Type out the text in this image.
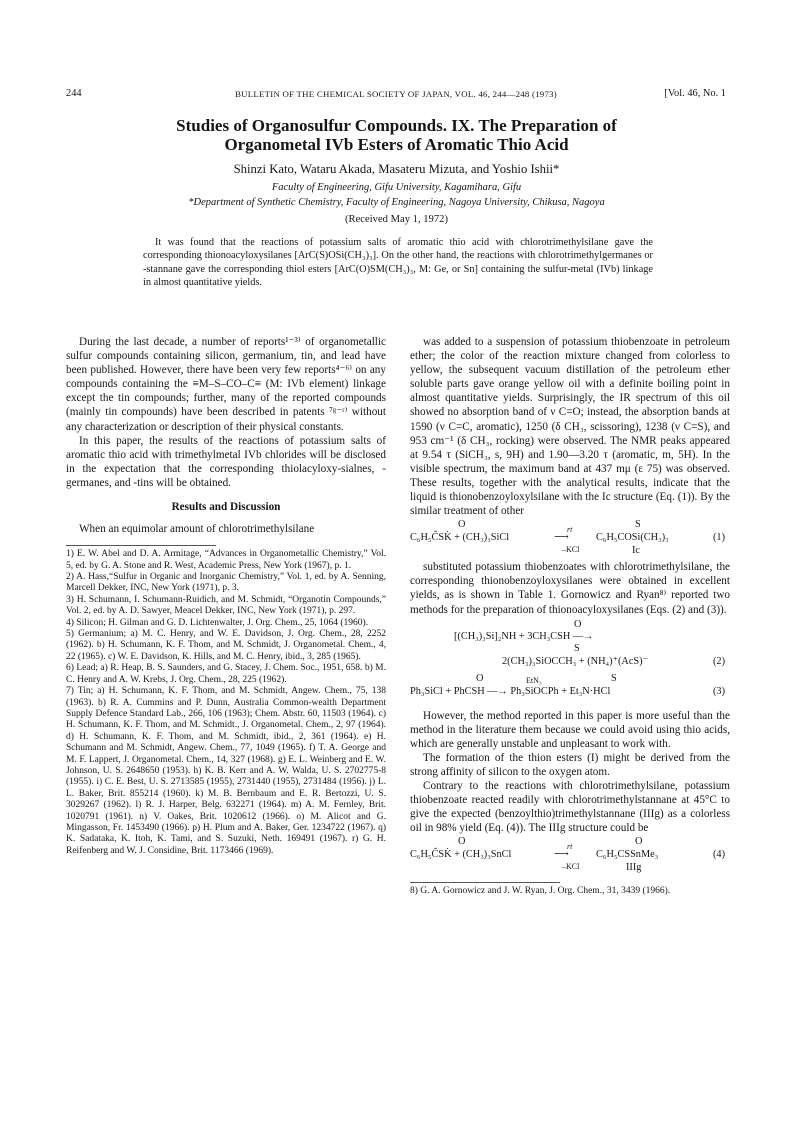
244	BULLETIN OF THE CHEMICAL SOCIETY OF JAPAN, VOL. 46, 244—248 (1973)	[Vol. 46, No. 1
Studies of Organosulfur Compounds. IX. The Preparation of
Organometal IVb Esters of Aromatic Thio Acid
Shinzi Kato, Wataru Akada, Masateru Mizuta, and Yoshio Ishii*
Faculty of Engineering, Gifu University, Kagamihara, Gifu
*Department of Synthetic Chemistry, Faculty of Engineering, Nagoya University, Chikusa, Nagoya
(Received May 1, 1972)

It was found that the reactions of potassium salts of aromatic thio acid with chlorotrimethylsilane gave the corresponding thionoacyloxysilanes [ArC(S)OSi(CH₃)₃]. On the other hand, the reactions with chlorotrimethylgermanes or -stannane gave the corresponding thiol esters [ArC(O)SM(CH₃)₃, M: Ge, or Sn] containing the sulfur-metal (IVb) linkage in almost quantitative yields.

During the last decade, a number of reports¹⁻³⁾ of organometallic sulfur compounds containing silicon, germanium, tin, and lead have been published. However, there have been very few reports⁴⁻⁶⁾ on any compounds containing the ≡M–S–CO–C≡ (M: IVb element) linkage except the tin compounds; further, many of the reported compounds (mainly tin compounds) have been described in patents ⁷ᵍ⁻ʳ⁾ without any characterization or description of their physical constants.

In this paper, the results of the reactions of potassium salts of aromatic thio acid with trimethylmetal IVb chlorides will be disclosed in the expectation that the corresponding thiolacyloxy-sialnes, -germanes, and -tins will be obtained.

Results and Discussion

When an equimolar amount of chlorotrimethylsilane

1) E. W. Abel and D. A. Armitage, “Advances in Organometallic Chemistry,” Vol. 5, ed. by G. A. Stone and R. West, Academic Press, New York (1967), p. 1.
2) A. Hass,“Sulfur in Organic and Inorganic Chemistry,” Vol. 1, ed. by A. Senning, Marcell Dekker, INC, New York (1971), p. 3.
3) H. Schumann, I. Schumann-Ruidich, and M. Schmidt, “Organotin Compounds,” Vol. 2, ed. by A. D. Sawyer, Meacel Dekker, INC, New York (1971), p. 297.
4) Silicon; H. Gilman and G. D. Lichtenwalter, J. Org. Chem., 25, 1064 (1960).
5) Germanium; a) M. C. Henry, and W. E. Davidson, J. Org. Chem., 28, 2252 (1962). b) H. Schumann, K. F. Thom, and M. Schmidt, J. Organometal. Chem., 4, 22 (1965). c) W. E. Davidson, K. Hills, and M. C. Henry, ibid., 3, 285 (1965).
6) Lead; a) R. Heap, B. S. Saunders, and G. Stacey, J. Chem. Soc., 1951, 658. b) M. C. Henry and A. W. Krebs, J. Org. Chem., 28, 225 (1962).
7) Tin; a) H. Schumann, K. F. Thom, and M. Schmidt, Angew. Chem., 75, 138 (1963). b) R. A. Cummins and P. Dunn, Australia Common-wealth Department Supply Defence Standard Lab., 266, 106 (1963); Chem. Abstr. 60, 11503 (1964). c) H. Schumann, K. F. Thom, and M. Schmidt., J. Organometal. Chem., 2, 97 (1964). d) H. Schumann, K. F. Thom, and M. Schmidt, ibid., 2, 361 (1964). e) H. Schumann and M. Schmidt, Angew. Chem., 77, 1049 (1965). f) T. A. George and M. F. Lappert, J. Organometal. Chem., 14, 327 (1968). g) E. L. Weinberg and E. W. Johnson, U. S. 2648650 (1953). h) K. B. Kerr and A. W. Walda, U. S. 2702775-8 (1955). i) C. E. Best, U. S. 2713585 (1955), 2731440 (1955), 2731484 (1956). j) L. L. Baker, Brit. 855214 (1960). k) M. B. Bernbaum and E. R. Bertozzi, U. S. 3029267 (1962). l) R. J. Harper, Belg. 632271 (1964). m) A. M. Fernley, Brit. 1020791 (1961). n) V. Oakes, Brit. 1020612 (1966). o) M. Alicot and G. Mingasson, Fr. 1453490 (1966). p) H. Plum and A. Baker, Ger. 1234722 (1967). q) K. Sadataka, K. Itoh, K. Tami, and S. Suzuki, Neth. 169491 (1967). r) G. H. Reifenberg and W. J. Considine, Brit. 1173466 (1969).

was added to a suspension of potassium thiobenzoate in petroleum ether; the color of the reaction mixture changed from colorless to yellow, the subsequent vacuum distillation of the petroleum ether soluble parts gave orange yellow oil with a definite boiling point in almost quantitative yields. Surprisingly, the IR spectrum of this oil showed no absorption band of ν C=O; instead, the absorption bands at 1590 (ν C=C, aromatic), 1250 (δ CH₃, scissoring), 1238 (ν C=S), and 953 cm⁻¹ (δ CH₃, rocking) were observed. The NMR peaks appeared at 9.54 τ (SiCH₃, s, 9H) and 1.90—3.20 τ (aromatic, m, 5H). In the visible spectrum, the maximum band at 437 mμ (ε 75) was observed. These results, together with the analytical results, indicate that the liquid is thionobenzoyloxylsilane with the Ic structure (Eq. (1)). By the similar treatment of other

O	S
C₆H₅C̆SK̇ + (CH₃)₃SiCl
rt
⟶
–KCl
C₆H₅COSi(CH₃)₃	(1)
Ic

substituted potassium thiobenzoates with chlorotrimethylsilane, the corresponding thionobenzoyloxysilanes were obtained in excellent yields, as is shown in Table 1. Gornowicz and Ryan⁸⁾ reported two methods for the preparation of thionoacyloxysilanes (Eqs. (2) and (3)).

O
[(CH₃)₃Si]₂NH + 3CH₃CSH —→
S
2(CH₃)₃SiOCCH₃ + (NH₄)⁺(AcS)⁻	(2)
O	EtN₃	S
Ph₃SiCl + PhCSH —→ Ph₃SiOCPh + Et₃N·HCl	(3)

However, the method reported in this paper is more useful than the method in the literature them because we could avoid using thio acids, which are generally unstable and unpleasant to work with.

The formation of the thion esters (I) might be derived from the strong affinity of silicon to the oxygen atom.

Contrary to the reactions with chlorotrimethylsilane, potassium thiobenzoate reacted readily with chlorotrimethylstannane at 45°C to give the expected (benzoylthio)trimethylstannane (IIIg) as a colorless oil in 98% yield (Eq. (4)). The IIIg structure could be

O	O
C₆H₅C̆SK̇ + (CH₃)₃SnCl
rt
⟶
–KCl
C₆H₅CSSnMe₃	(4)
IIIg
8) G. A. Gornowicz and J. W. Ryan, J. Org. Chem., 31, 3439 (1966).
